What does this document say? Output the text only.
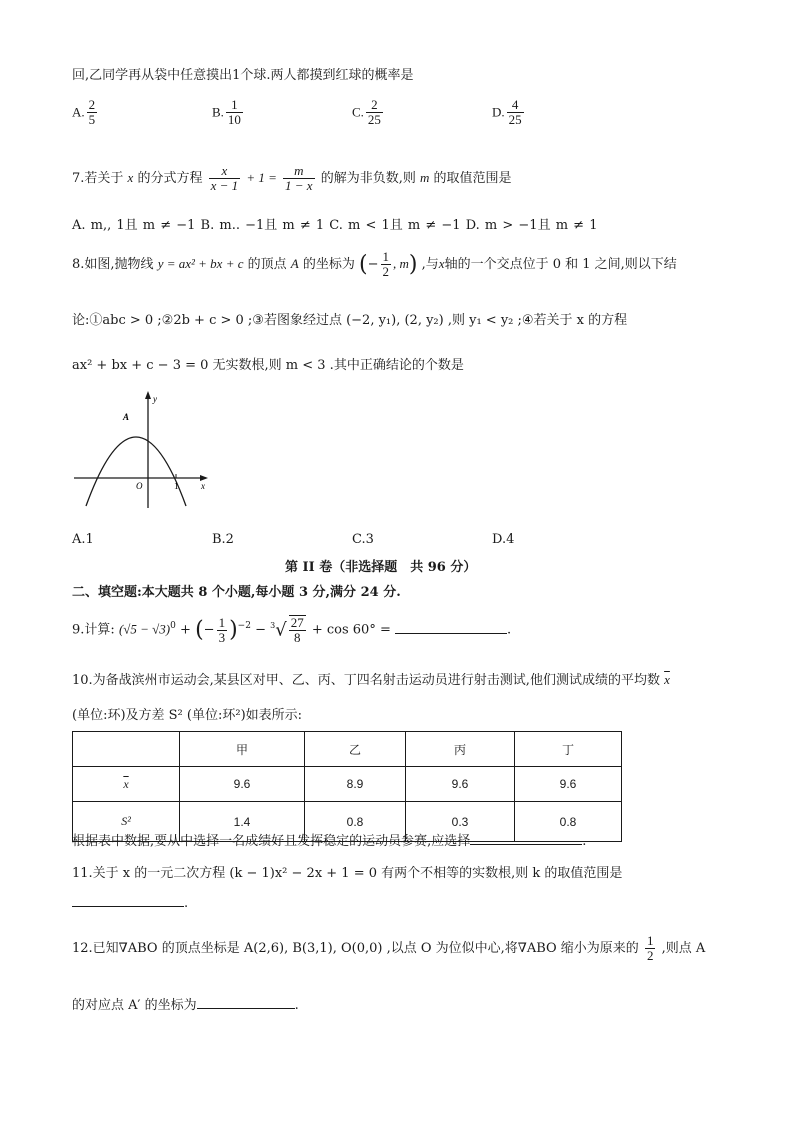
回,乙同学再从袋中任意摸出1个球.两人都摸到红球的概率是
A. $\frac{2}{5}$	B. $\frac{1}{10}$	C. $\frac{2}{25}$	D. $\frac{4}{25}$
7.若关于 x 的分式方程 $\frac{x}{x - 1} + 1 = \frac{m}{1 - x}$ 的解为非负数,则 m 的取值范围是
A. m,, 1且 m ≠ −1 B. m.. −1且 m ≠ 1 C. m < 1且 m ≠ −1 D. m > −1且 m ≠ 1
8.如图,抛物线 y = ax² + bx + c 的顶点 A 的坐标为 (− $\frac{1}{2}$ , m) ,与x轴的一个交点位于 0 和 1 之间,则以下结
论:①abc > 0 ;②2b + c > 0 ;③若图象经过点 (−2, y₁), (2, y₂) ,则 y₁ < y₂ ;④若关于 x 的方程
ax² + bx + c − 3 = 0 无实数根,则 m < 3 .其中正确结论的个数是
y
x
O	1
A
A.1	B.2	C.3	D.4
第 II 卷（非选择题　共 96 分）
二、填空题:本大题共 8 个小题,每小题 3 分,满分 24 分.
9.计算: $(√5 - √3)^0$ + (− $\frac{1}{3} )^{-2} - ^3√ \frac{27}{8} + \cos 60^\circ$ =	.
10.为备战滨州市运动会,某县区对甲、乙、丙、丁四名射击运动员进行射击测试,他们测试成绩的平均数 $\overline{x}$
(单位:环)及方差 S² (单位:环²)如表所示:
	甲	乙	丙	丁
$\overline{x}$	9.6	8.9	9.6	9.6
S²	1.4	0.8	0.3	0.8
根据表中数据,要从中选择一名成绩好且发挥稳定的运动员参赛,应选择	.
11.关于 x 的一元二次方程 (k − 1)x² − 2x + 1 = 0 有两个不相等的实数根,则 k 的取值范围是
.
12.已知∇ABO 的顶点坐标是 A(2,6), B(3,1), O(0,0) ,以点 O 为位似中心,将∇ABO 缩小为原来的 $\frac{1}{2}$ ,则点 A
的对应点 A′ 的坐标为	.
